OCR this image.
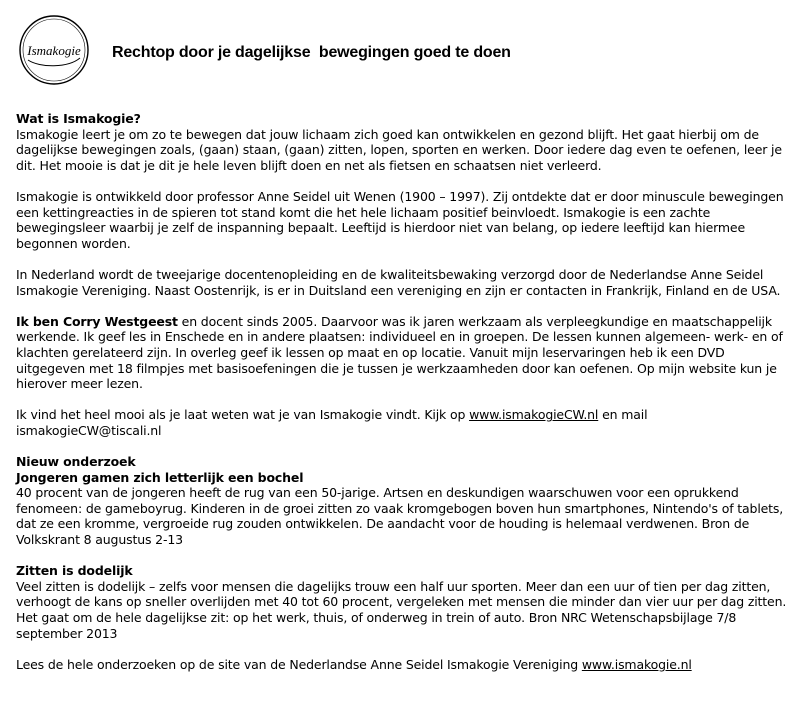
Ismakogie Rechtop door je dagelijkse  bewegingen goed te doen

Wat is Ismakogie?
Ismakogie leert je om zo te bewegen dat jouw lichaam zich goed kan ontwikkelen en gezond blijft. Het gaat hierbij om de dagelijkse bewegingen zoals, (gaan) staan, (gaan) zitten, lopen, sporten en werken. Door iedere dag even te oefenen, leer je dit. Het mooie is dat je dit je hele leven blijft doen en net als fietsen en schaatsen niet verleerd.

Ismakogie is ontwikkeld door professor Anne Seidel uit Wenen (1900 – 1997). Zij ontdekte dat er door minuscule bewegingen een kettingreacties in de spieren tot stand komt die het hele lichaam positief beinvloedt. Ismakogie is een zachte bewegingsleer waarbij je zelf de inspanning bepaalt. Leeftijd is hierdoor niet van belang, op iedere leeftijd kan hiermee begonnen worden.

In Nederland wordt de tweejarige docentenopleiding en de kwaliteitsbewaking verzorgd door de Nederlandse Anne Seidel Ismakogie Vereniging. Naast Oostenrijk, is er in Duitsland een vereniging en zijn er contacten in Frankrijk, Finland en de USA.

Ik ben Corry Westgeest en docent sinds 2005. Daarvoor was ik jaren werkzaam als verpleegkundige en maatschappelijk werkende. Ik geef les in Enschede en in andere plaatsen: individueel en in groepen. De lessen kunnen algemeen- werk- en of klachten gerelateerd zijn. In overleg geef ik lessen op maat en op locatie. Vanuit mijn leservaringen heb ik een DVD uitgegeven met 18 filmpjes met basisoefeningen die je tussen je werkzaamheden door kan oefenen. Op mijn website kun je hierover meer lezen.

Ik vind het heel mooi als je laat weten wat je van Ismakogie vindt. Kijk op www.ismakogieCW.nl en mail ismakogieCW@tiscali.nl

Nieuw onderzoek
Jongeren gamen zich letterlijk een bochel

40 procent van de jongeren heeft de rug van een 50-jarige. Artsen en deskundigen waarschuwen voor een oprukkend fenomeen: de gameboyrug. Kinderen in de groei zitten zo vaak kromgebogen boven hun smartphones, Nintendo's of tablets, dat ze een kromme, vergroeide rug zouden ontwikkelen. De aandacht voor de houding is helemaal verdwenen. Bron de Volkskrant 8 augustus 2-13

Zitten is dodelijk

Veel zitten is dodelijk – zelfs voor mensen die dagelijks trouw een half uur sporten. Meer dan een uur of tien per dag zitten, verhoogt de kans op sneller overlijden met 40 tot 60 procent, vergeleken met mensen die minder dan vier uur per dag zitten. Het gaat om de hele dagelijkse zit: op het werk, thuis, of onderweg in trein of auto. Bron NRC Wetenschapsbijlage 7/8 september 2013

Lees de hele onderzoeken op de site van de Nederlandse Anne Seidel Ismakogie Vereniging www.ismakogie.nl
